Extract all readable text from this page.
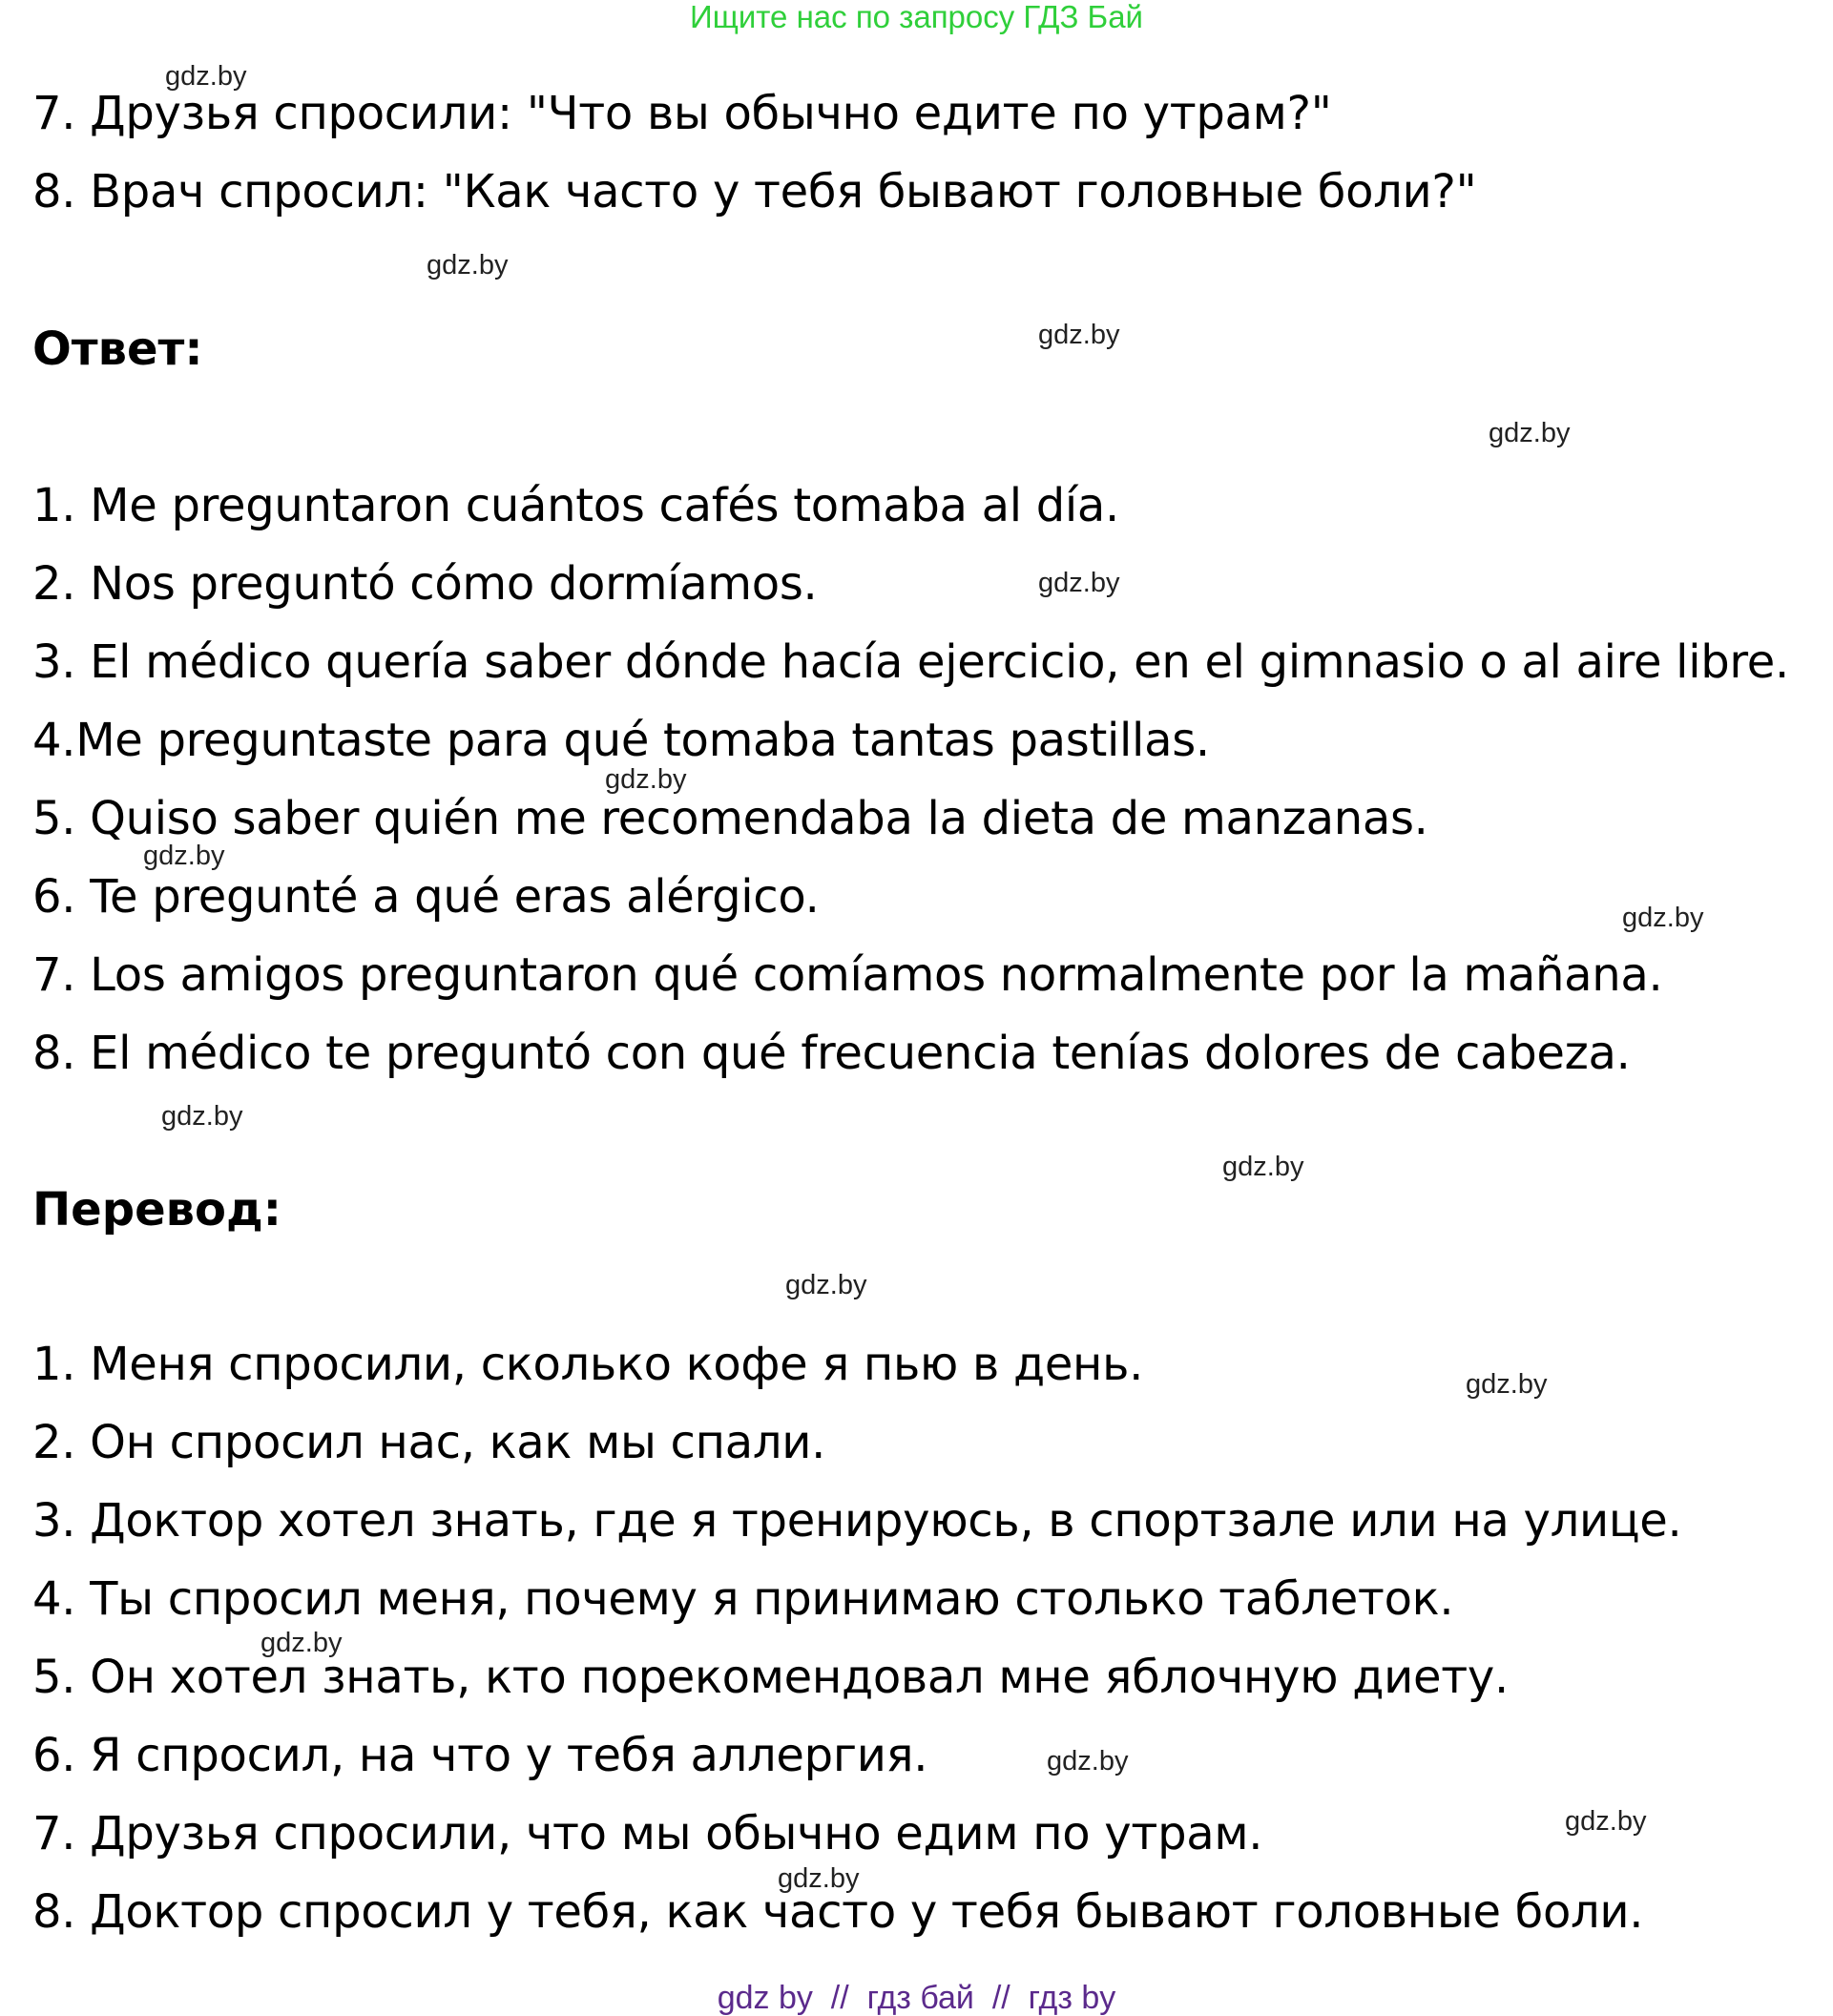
Ищите нас по запросу ГДЗ Бай
7. Друзья спросили: "Что вы обычно едите по утрам?"
8. Врач спросил: "Как часто у тебя бывают головные боли?"
Ответ:
1. Me preguntaron cuántos cafés tomaba al día.
2. Nos preguntó cómo dormíamos.
3. El médico quería saber dónde hacía ejercicio, en el gimnasio o al aire libre.
4.Me preguntaste para qué tomaba tantas pastillas.
5. Quiso saber quién me recomendaba la dieta de manzanas.
6. Te pregunté a qué eras alérgico.
7. Los amigos preguntaron qué comíamos normalmente por la mañana.
8. El médico te preguntó con qué frecuencia tenías dolores de cabeza.
Перевод:
1. Меня спросили, сколько кофе я пью в день.
2. Он спросил нас, как мы спали.
3. Доктор хотел знать, где я тренируюсь, в спортзале или на улице.
4. Ты спросил меня, почему я принимаю столько таблеток.
5. Он хотел знать, кто порекомендовал мне яблочную диету.
6. Я спросил, на что у тебя аллергия.
7. Друзья спросили, что мы обычно едим по утрам.
8. Доктор спросил у тебя, как часто у тебя бывают головные боли.
gdz.by
gdz.by
gdz.by
gdz.by
gdz.by
gdz.by
gdz.by
gdz.by
gdz.by
gdz.by
gdz.by
gdz.by
gdz.by
gdz.by
gdz.by
gdz.by
gdz by  //  гдз бай  //  гдз by
